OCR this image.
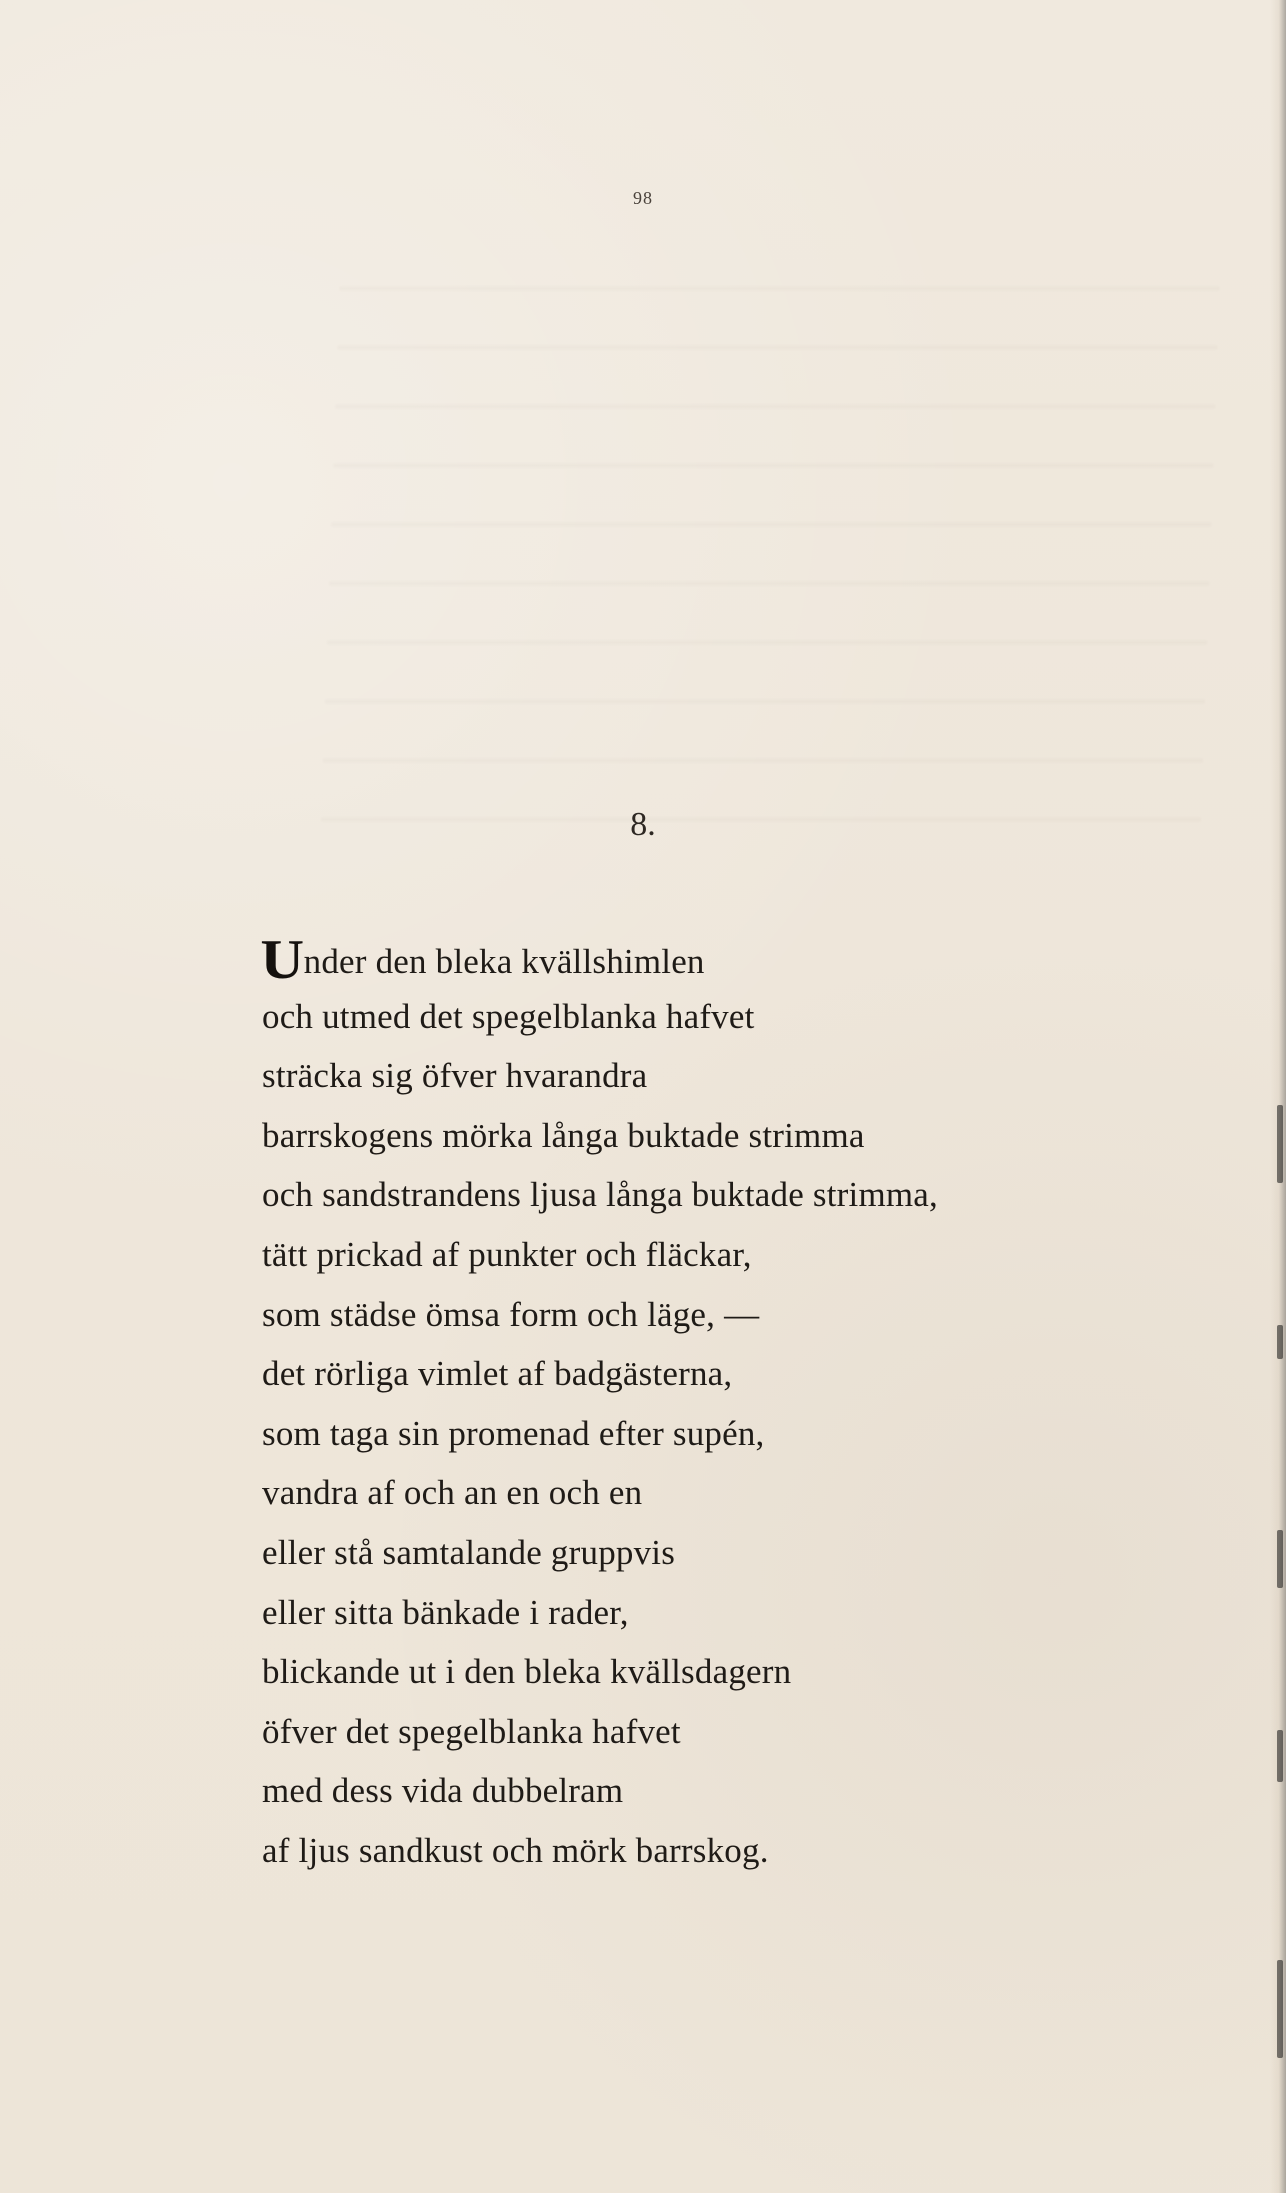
98
8.
Under den bleka kvällshimlen
och utmed det spegelblanka hafvet
sträcka sig öfver hvarandra
barrskogens mörka långa buktade strimma
och sandstrandens ljusa långa buktade strimma,
tätt prickad af punkter och fläckar,
som städse ömsa form och läge, —
det rörliga vimlet af badgästerna,
som taga sin promenad efter supén,
vandra af och an en och en
eller stå samtalande gruppvis
eller sitta bänkade i rader,
blickande ut i den bleka kvällsdagern
öfver det spegelblanka hafvet
med dess vida dubbelram
af ljus sandkust och mörk barrskog.
